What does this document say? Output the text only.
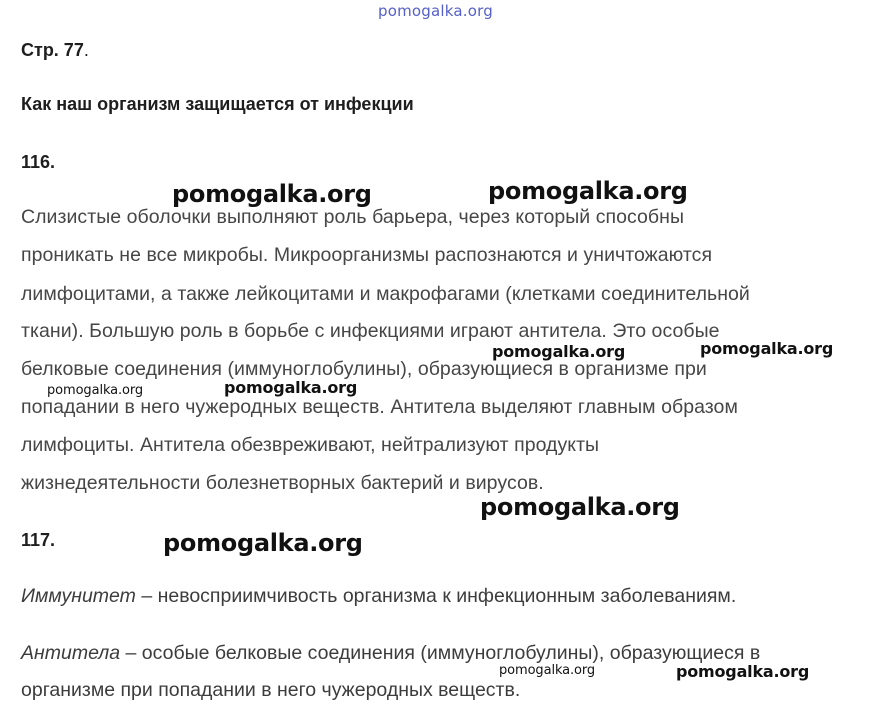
pomogalka.org
Стр. 77.
Как наш организм защищается от инфекции
116.
Слизистые оболочки выполняют роль барьера, через который способны
проникать не все микробы. Микроорганизмы распознаются и уничтожаются
лимфоцитами, а также лейкоцитами и макрофагами (клетками соединительной
ткани). Большую роль в борьбе с инфекциями играют антитела. Это особые
белковые соединения (иммуноглобулины), образующиеся в организме при
попадании в него чужеродных веществ. Антитела выделяют главным образом
лимфоциты. Антитела обезвреживают, нейтрализуют продукты
жизнедеятельности болезнетворных бактерий и вирусов.
117.
Иммунитет – невосприимчивость организма к инфекционным заболеваниям.
Антитела – особые белковые соединения (иммуноглобулины), образующиеся в
организме при попадании в него чужеродных веществ.
pomogalka.org	pomogalka.org
pomogalka.org	pomogalka.org
pomogalka.org	pomogalka.org
pomogalka.org
pomogalka.org
pomogalka.org	pomogalka.org
